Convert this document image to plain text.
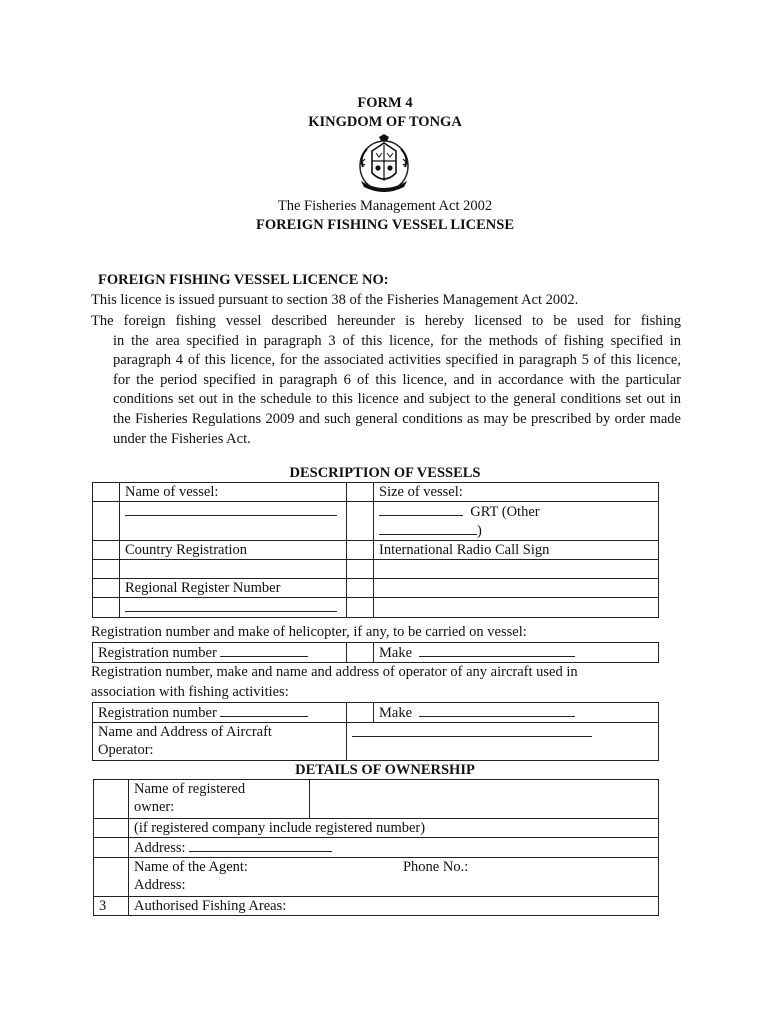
FORM 4
KINGDOM OF TONGA
The Fisheries Management Act 2002
FOREIGN FISHING VESSEL LICENSE
FOREIGN FISHING VESSEL LICENCE NO:
This licence is issued pursuant to section 38 of the Fisheries Management Act 2002.
The foreign fishing vessel described hereunder is hereby licensed to be used for fishing
in the area specified in paragraph 3 of this licence, for the methods of fishing specified in paragraph 4 of this licence, for the associated activities specified in paragraph 5 of this licence, for the period specified in paragraph 6 of this licence, and in accordance with the particular conditions set out in the schedule to this licence and subject to the general conditions set out in the Fisheries Regulations 2009 and such general conditions as may be prescribed by order made under the Fisheries Act.
DESCRIPTION OF VESSELS
	Name of vessel:		Size of vessel:
			GRT (Other
)
	Country Registration		International Radio Call Sign

	Regional Register Number		

Registration number and make of helicopter, if any, to be carried on vessel:
Registration number		Make
Registration number, make and name and address of operator of any aircraft used in
association with fishing activities:
Registration number		Make
Name and Address of Aircraft
Operator:		
DETAILS OF OWNERSHIP
	Name of registered
owner:	
	(if registered company include registered number)	
	Address:	
	Name of the Agent: Phone No.:
Address:	
3	Authorised Fishing Areas:	
